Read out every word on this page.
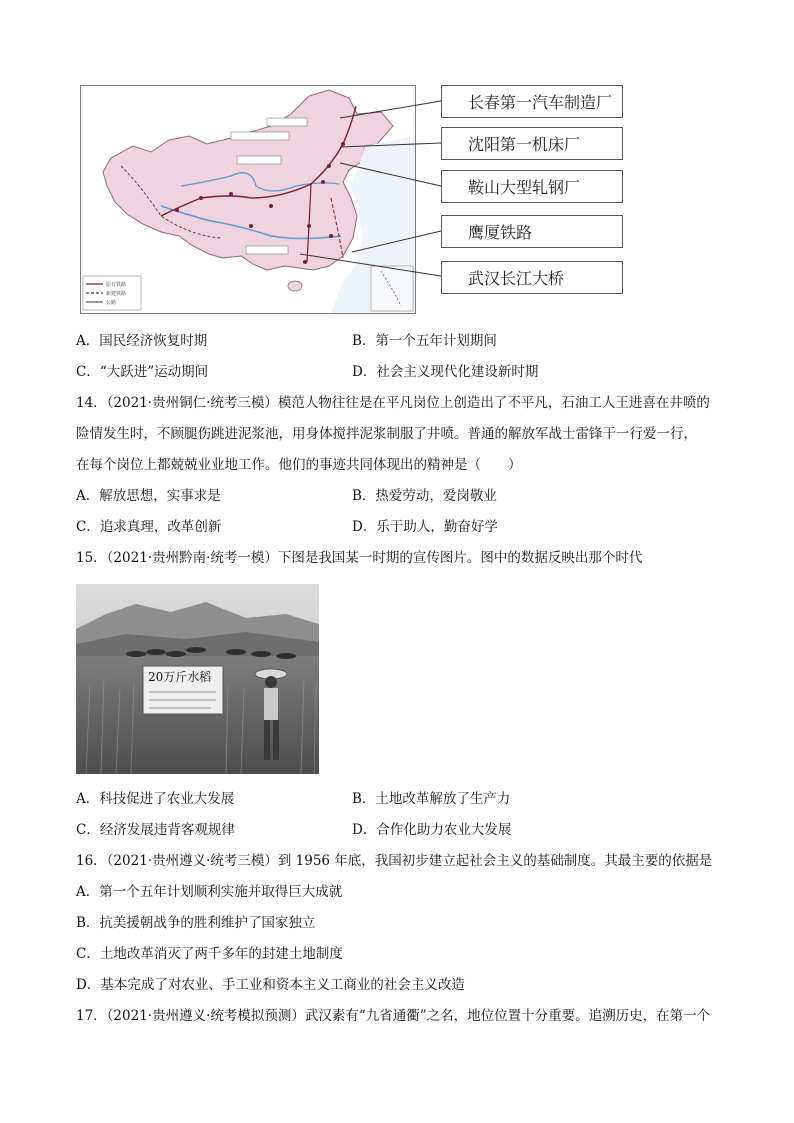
原有铁路
新建铁路
公路
长春第一汽车制造厂
沈阳第一机床厂
鞍山大型轧钢厂
鹰厦铁路
武汉长江大桥
A．国民经济恢复时期	B．第一个五年计划期间
C．“大跃进”运动期间	D．社会主义现代化建设新时期
14．（2021·贵州铜仁·统考三模）模范人物往往是在平凡岗位上创造出了不平凡，石油工人王进喜在井喷的
险情发生时，不顾腿伤跳进泥浆池，用身体搅拌泥浆制服了井喷。普通的解放军战士雷锋干一行爱一行，
在每个岗位上都兢兢业业地工作。他们的事迹共同体现出的精神是（　　）
A．解放思想，实事求是	B．热爱劳动，爱岗敬业
C．追求真理，改革创新	D．乐于助人，勤奋好学
15．（2021·贵州黔南·统考一模）下图是我国某一时期的宣传图片。图中的数据反映出那个时代
20万斤水稻
A．科技促进了农业大发展	B．土地改革解放了生产力
C．经济发展违背客观规律	D．合作化助力农业大发展
16．（2021·贵州遵义·统考三模）到 1956 年底，我国初步建立起社会主义的基础制度。其最主要的依据是
A．第一个五年计划顺利实施并取得巨大成就
B．抗美援朝战争的胜利维护了国家独立
C．土地改革消灭了两千多年的封建土地制度
D．基本完成了对农业、手工业和资本主义工商业的社会主义改造
17．（2021·贵州遵义·统考模拟预测）武汉素有“九省通衢”之名，地位位置十分重要。追溯历史，在第一个
